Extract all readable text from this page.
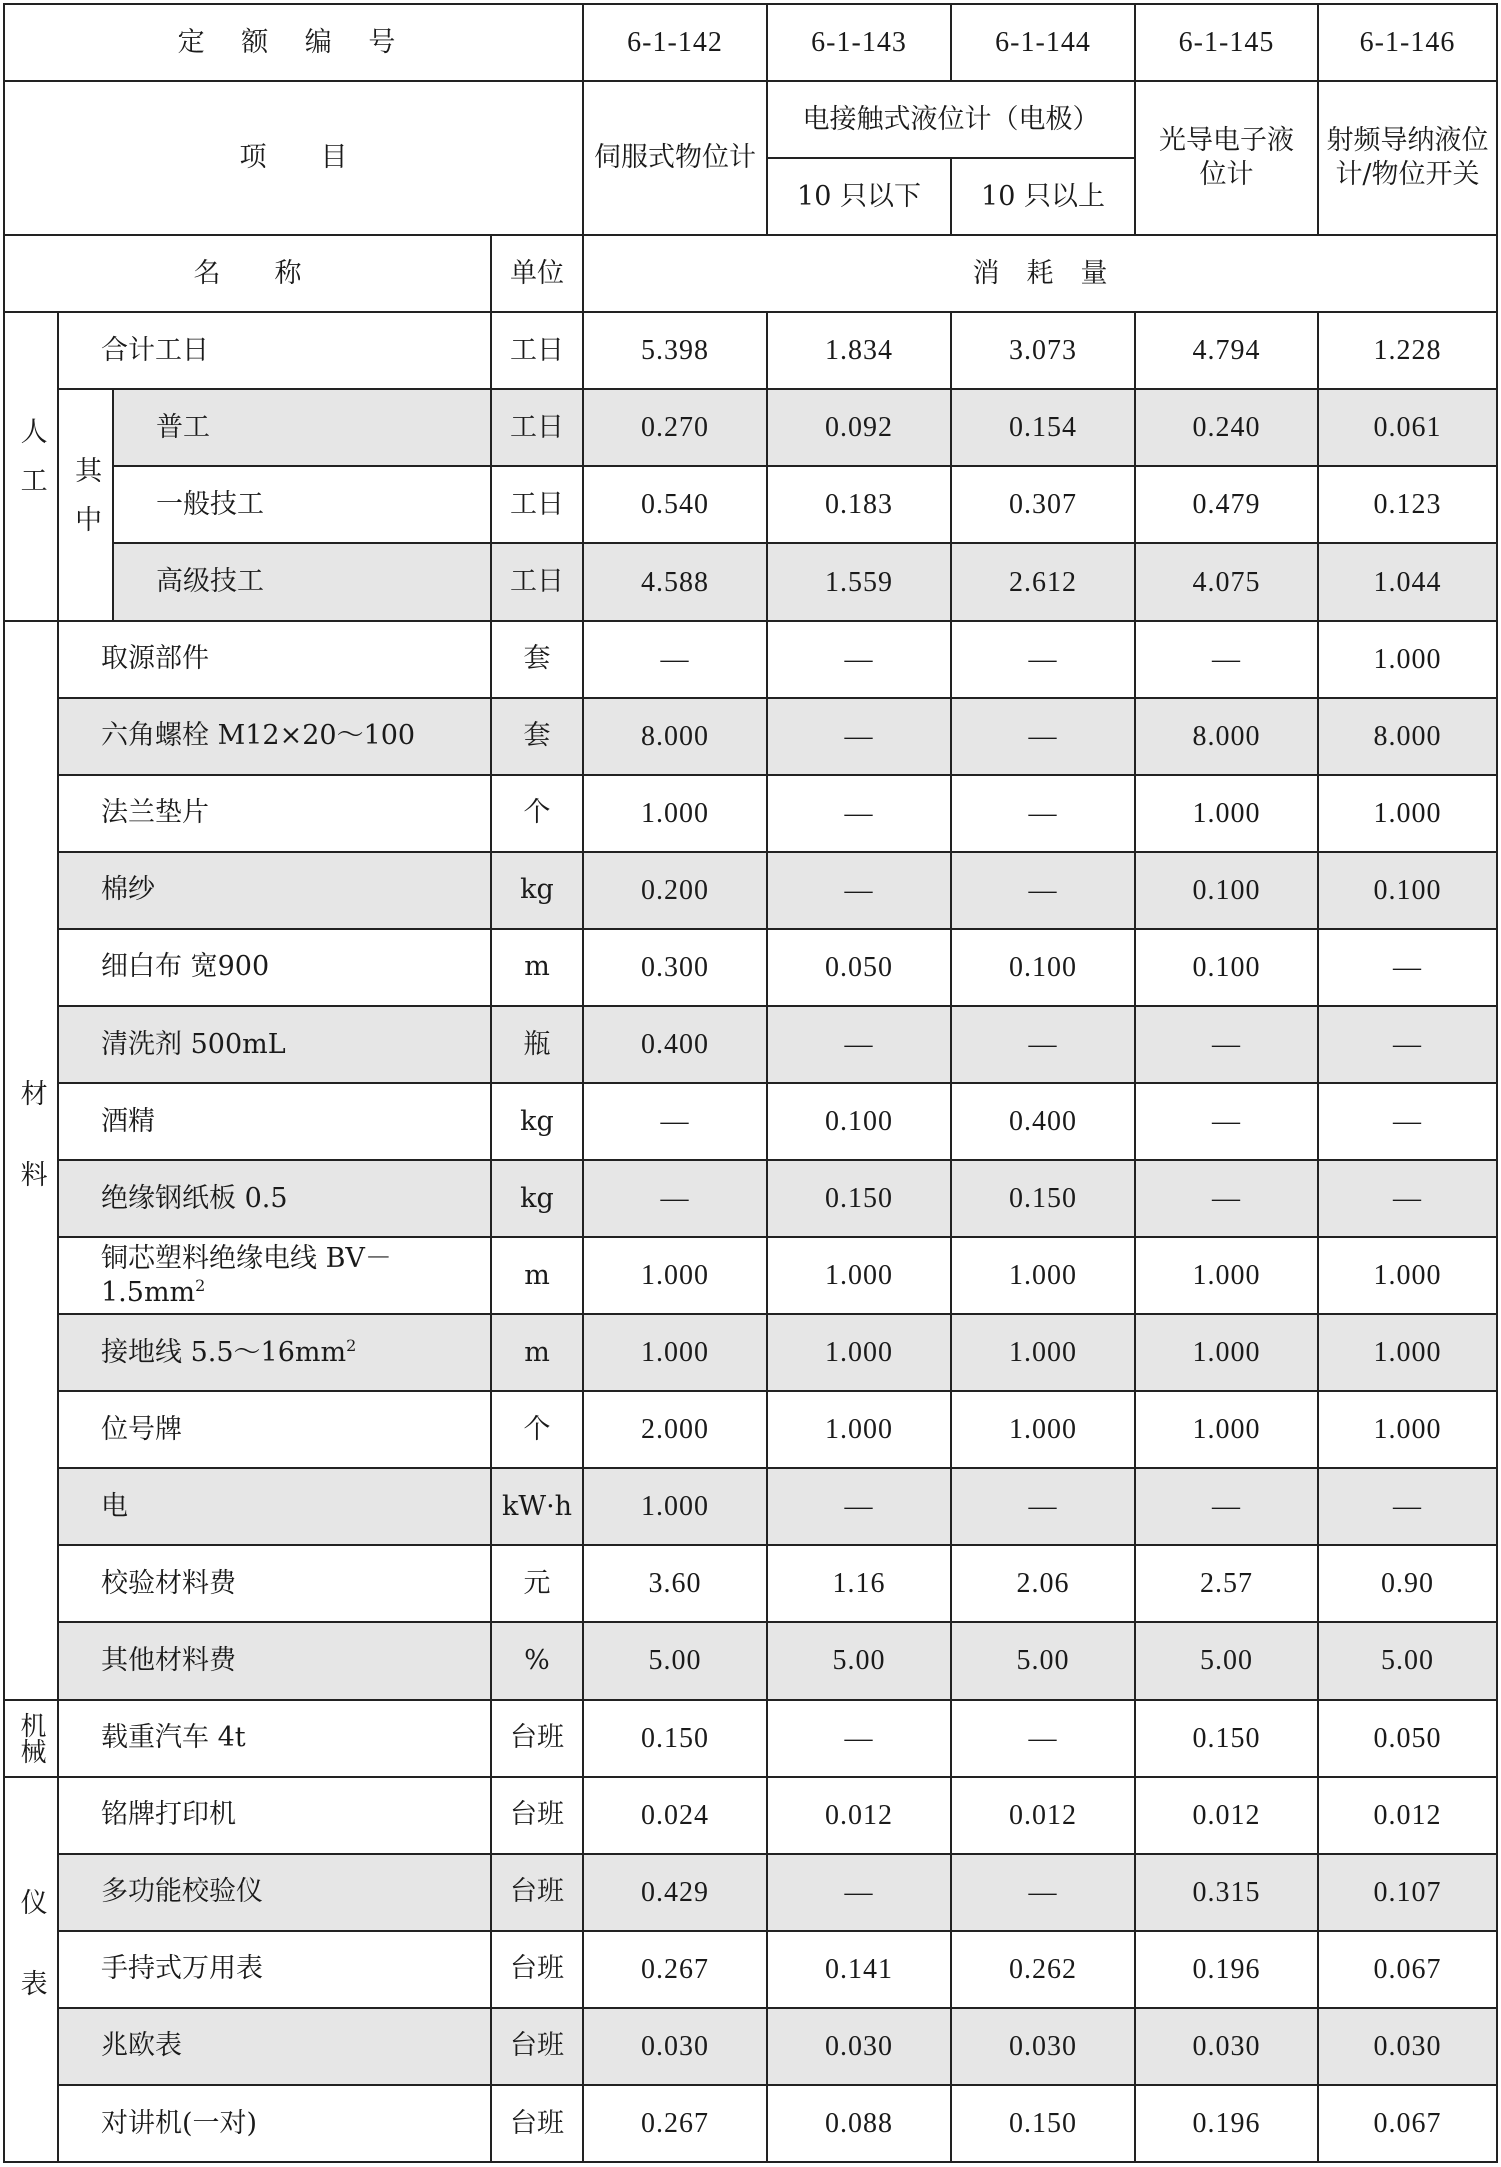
定 额 编 号				6-1-142	6-1-143	6-1-144	6-1-145	6-1-146
项　　目				伺服式物位计	电接触式液位计（电极）		光导电子液位计	射频导纳液位计/物位开关
					10 只以下	10 只以上		
名　　称			单位	消　耗　量				
人工	合计工日		工日	5.398	1.834	3.073	4.794	1.228
	其中	普工	工日	0.270	0.092	0.154	0.240	0.061
		一般技工	工日	0.540	0.183	0.307	0.479	0.123
		高级技工	工日	4.588	1.559	2.612	4.075	1.044
材料	取源部件		套	—	—	—	—	1.000
	六角螺栓 M12×20～100		套	8.000	—	—	8.000	8.000
	法兰垫片		个	1.000	—	—	1.000	1.000
	棉纱		kg	0.200	—	—	0.100	0.100
	细白布 宽900		m	0.300	0.050	0.100	0.100	—
	清洗剂 500mL		瓶	0.400	—	—	—	—
	酒精		kg	—	0.100	0.400	—	—
	绝缘钢纸板 0.5		kg	—	0.150	0.150	—	—
	铜芯塑料绝缘电线 $BV-1.5mm^2$		m	1.000	1.000	1.000	1.000	1.000
	接地线 $5.5\sim 16mm^2$		m	1.000	1.000	1.000	1.000	1.000
	位号牌		个	2.000	1.000	1.000	1.000	1.000
	电		kW·h	1.000	—	—	—	—
	校验材料费		元	3.60	1.16	2.06	2.57	0.90
	其他材料费		%	5.00	5.00	5.00	5.00	5.00
机械	载重汽车 4t		台班	0.150	—	—	0.150	0.050
仪表	铭牌打印机		台班	0.024	0.012	0.012	0.012	0.012
	多功能校验仪		台班	0.429	—	—	0.315	0.107
	手持式万用表		台班	0.267	0.141	0.262	0.196	0.067
	兆欧表		台班	0.030	0.030	0.030	0.030	0.030
	对讲机(一对)		台班	0.267	0.088	0.150	0.196	0.067
